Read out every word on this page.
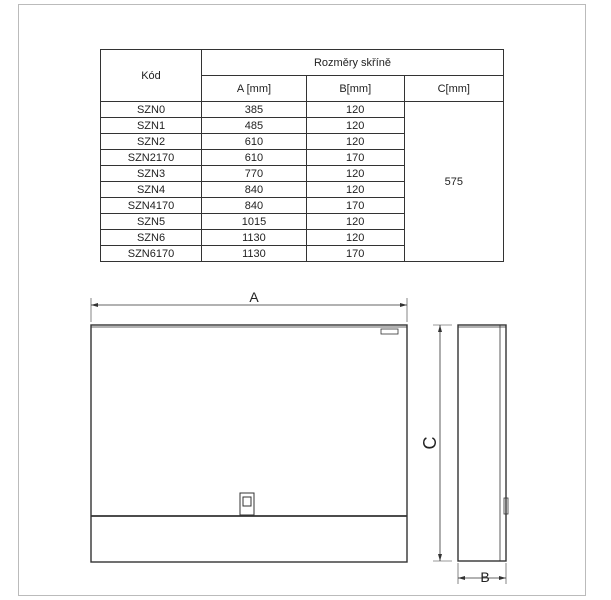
Kód	Rozměry skříně		
	A [mm]	B[mm]	C[mm]
SZN0	385	120	575
SZN1	485	120	
SZN2	610	120	
SZN2170	610	170	
SZN3	770	120	
SZN4	840	120	
SZN4170	840	170	
SZN5	1015	120	
SZN6	1130	120	
SZN6170	1130	170	
A
B
C
